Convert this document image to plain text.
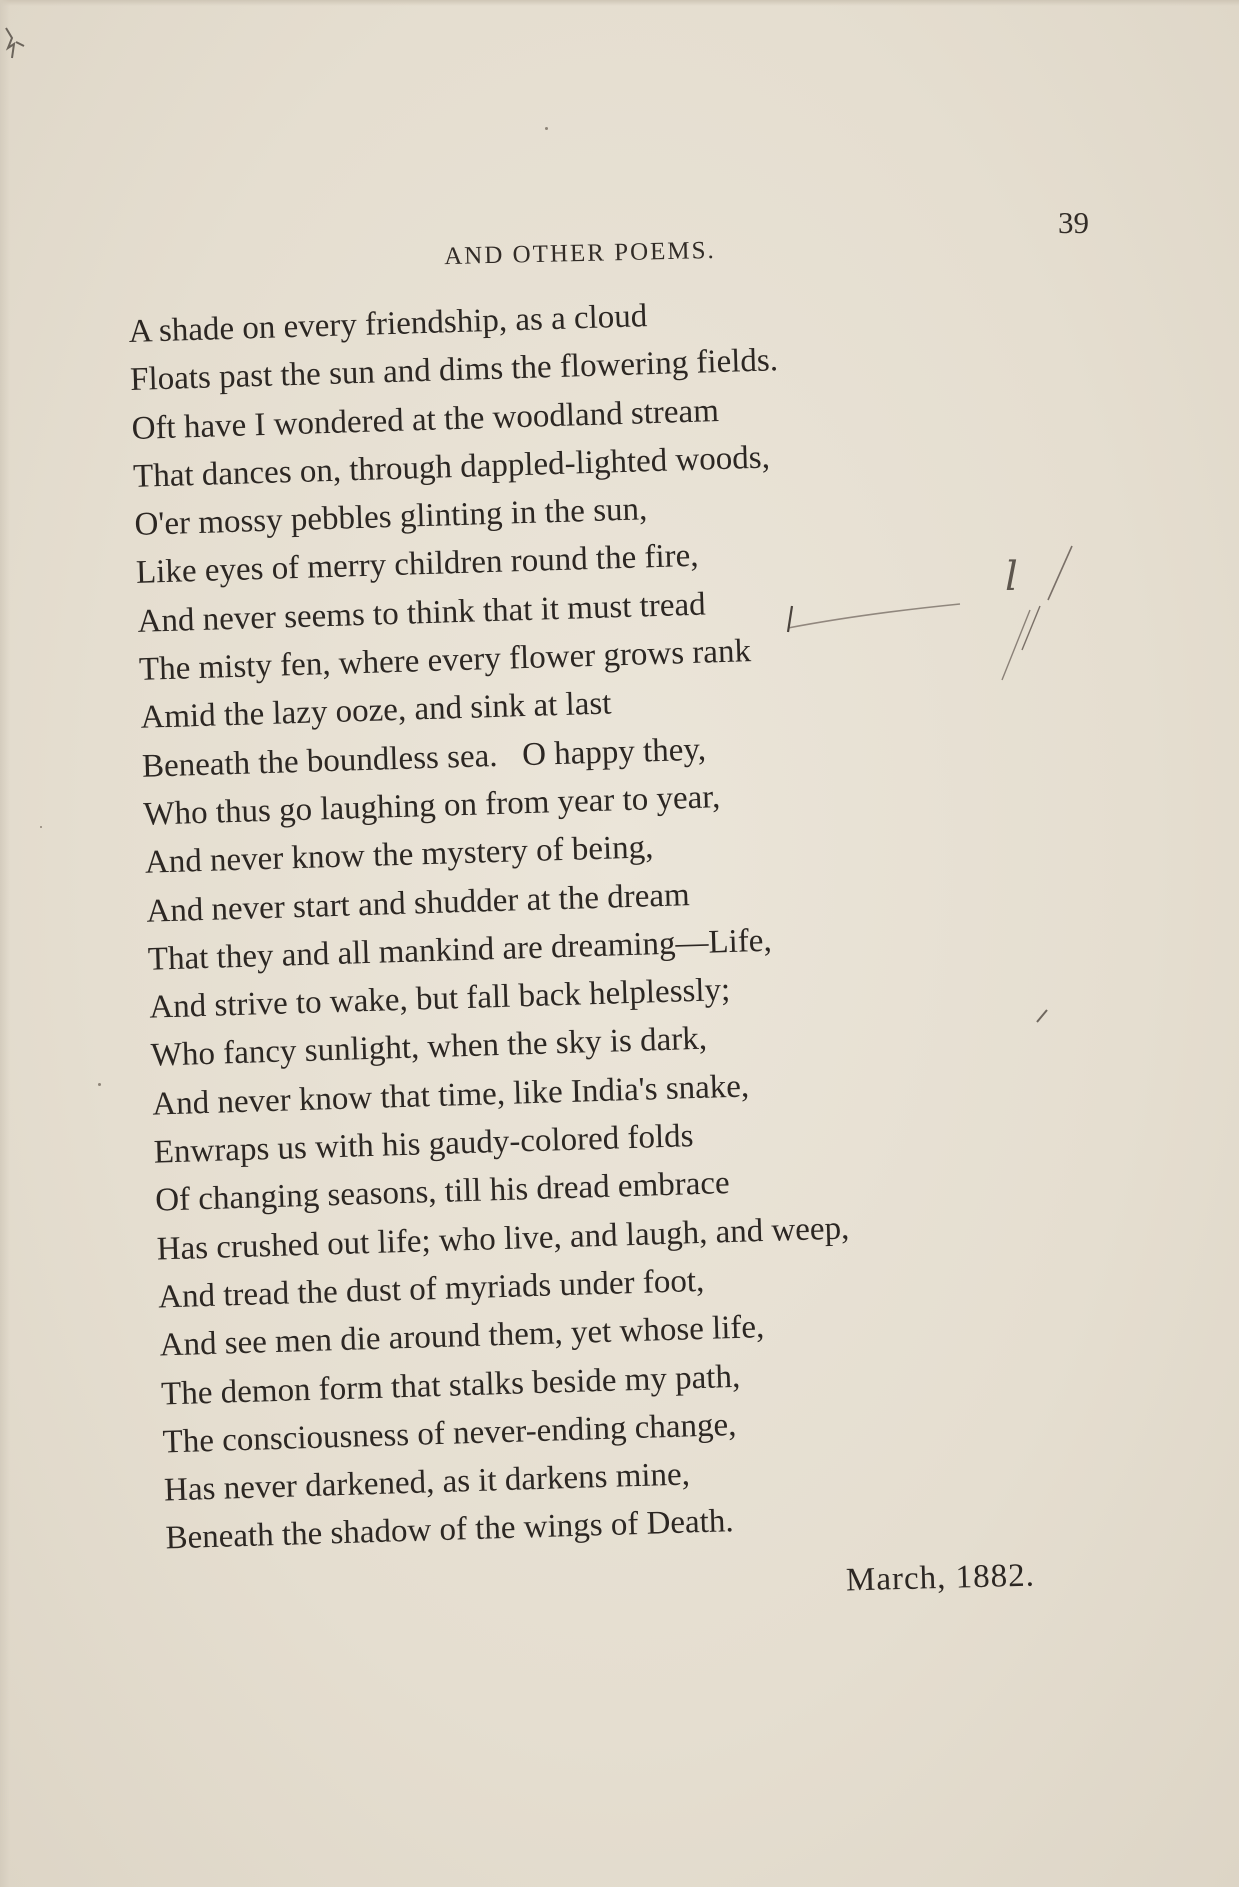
AND OTHER POEMS.
39
A shade on every friendship, as a cloud
Floats past the sun and dims the flowering fields.
Oft have I wondered at the woodland stream
That dances on, through dappled-lighted woods,
O'er mossy pebbles glinting in the sun,
Like eyes of merry children round the fire,
And never seems to think that it must tread
The misty fen, where every flower grows rank
Amid the lazy ooze, and sink at last
Beneath the boundless sea.   O happy they,
Who thus go laughing on from year to year,
And never know the mystery of being,
And never start and shudder at the dream
That they and all mankind are dreaming—Life,
And strive to wake, but fall back helplessly;
Who fancy sunlight, when the sky is dark,
And never know that time, like India's snake,
Enwraps us with his gaudy-colored folds
Of changing seasons, till his dread embrace
Has crushed out life; who live, and laugh, and weep,
And tread the dust of myriads under foot,
And see men die around them, yet whose life,
The demon form that stalks beside my path,
The consciousness of never-ending change,
Has never darkened, as it darkens mine,
Beneath the shadow of the wings of Death.
March, 1882.
l
